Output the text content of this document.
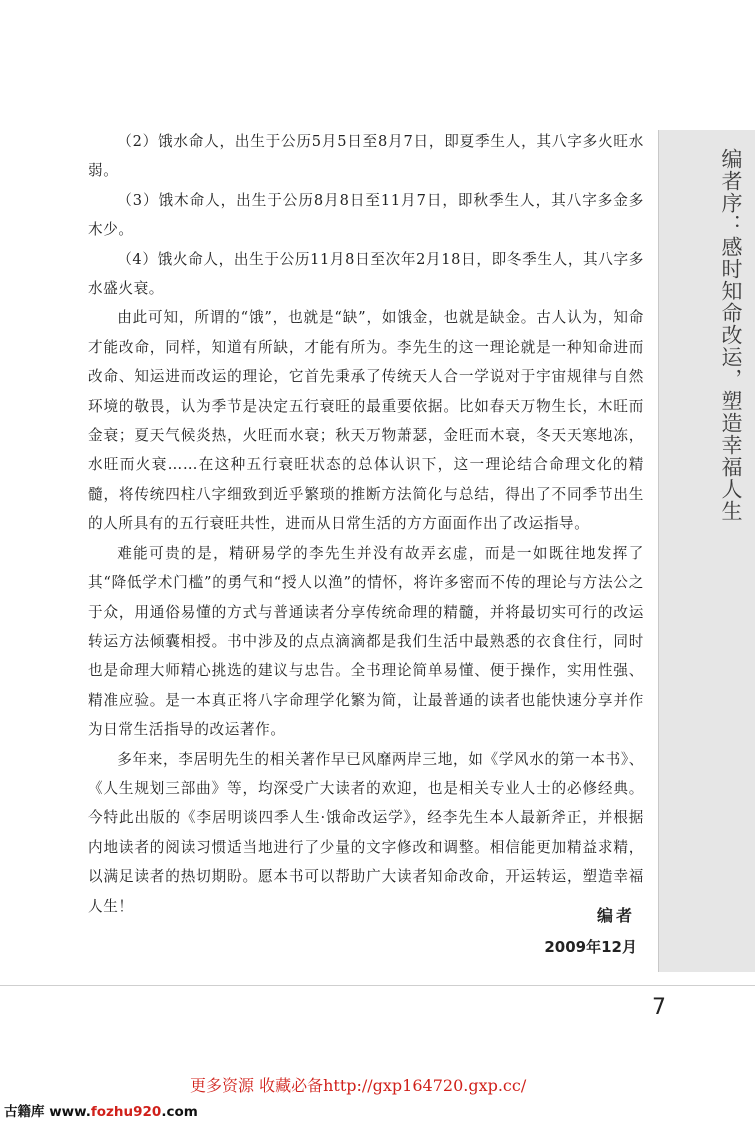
编者序：感时知命改运，塑造幸福人生

（2）饿水命人，出生于公历5月5日至8月7日，即夏季生人，其八字多火旺水弱。

（3）饿木命人，出生于公历8月8日至11月7日，即秋季生人，其八字多金多木少。

（4）饿火命人，出生于公历11月8日至次年2月18日，即冬季生人，其八字多水盛火衰。

由此可知，所谓的“饿”，也就是“缺”，如饿金，也就是缺金。古人认为，知命才能改命，同样，知道有所缺，才能有所为。李先生的这一理论就是一种知命进而改命、知运进而改运的理论，它首先秉承了传统天人合一学说对于宇宙规律与自然环境的敬畏，认为季节是决定五行衰旺的最重要依据。比如春天万物生长，木旺而金衰；夏天气候炎热，火旺而水衰；秋天万物萧瑟，金旺而木衰，冬天天寒地冻，水旺而火衰……在这种五行衰旺状态的总体认识下，这一理论结合命理文化的精髓，将传统四柱八字细致到近乎繁琐的推断方法简化与总结，得出了不同季节出生的人所具有的五行衰旺共性，进而从日常生活的方方面面作出了改运指导。

难能可贵的是，精研易学的李先生并没有故弄玄虚，而是一如既往地发挥了其“降低学术门槛”的勇气和“授人以渔”的情怀，将许多密而不传的理论与方法公之于众，用通俗易懂的方式与普通读者分享传统命理的精髓，并将最切实可行的改运转运方法倾囊相授。书中涉及的点点滴滴都是我们生活中最熟悉的衣食住行，同时也是命理大师精心挑选的建议与忠告。全书理论简单易懂、便于操作，实用性强、精准应验。是一本真正将八字命理学化繁为简，让最普通的读者也能快速分享并作为日常生活指导的改运著作。

多年来，李居明先生的相关著作早已风靡两岸三地，如《学风水的第一本书》、《人生规划三部曲》等，均深受广大读者的欢迎，也是相关专业人士的必修经典。今特此出版的《李居明谈四季人生·饿命改运学》，经李先生本人最新斧正，并根据内地读者的阅读习惯适当地进行了少量的文字修改和调整。相信能更加精益求精，以满足读者的热切期盼。愿本书可以帮助广大读者知命改命，开运转运，塑造幸福人生！	编者
2009年12月
7
更多资源 收藏必备http://gxp164720.gxp.cc/
古籍库 www.fozhu920.com
